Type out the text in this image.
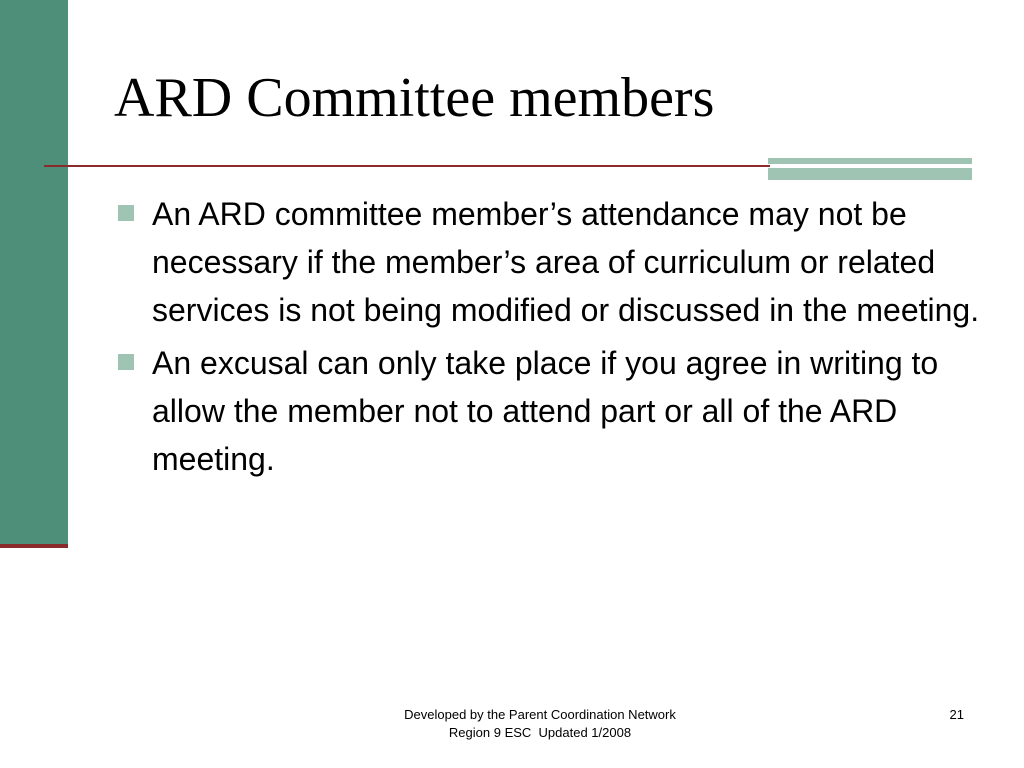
ARD Committee members
An ARD committee member’s attendance may not be necessary if the member’s area of curriculum or related services is not being modified or discussed in the meeting.
An excusal can only take place if you agree in writing to allow the member not to attend part or all of the ARD meeting.
Developed by the Parent Coordination Network
Region 9 ESC  Updated 1/2008
21
